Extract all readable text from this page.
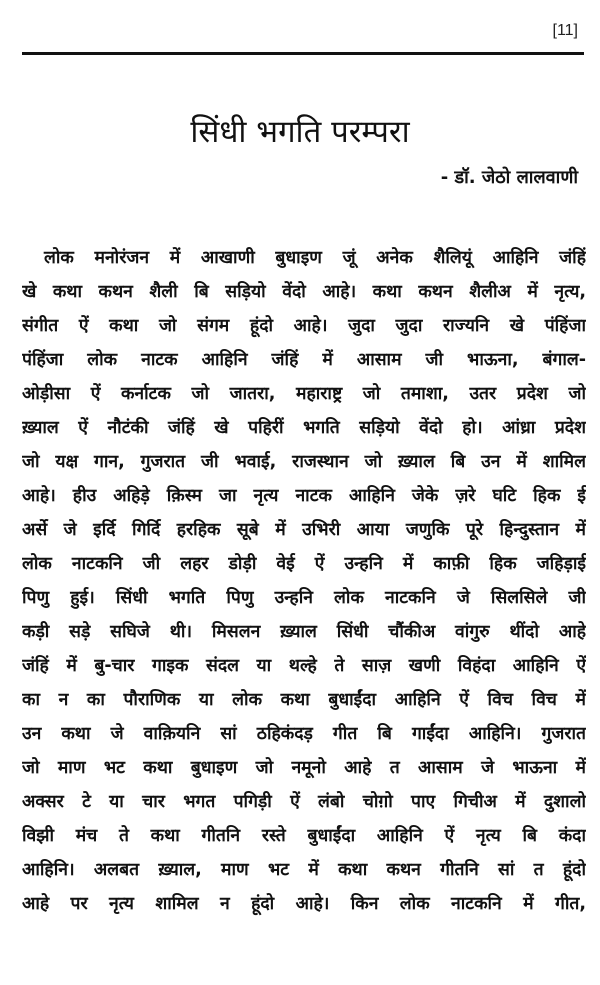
[11]
सिंधी भगति परम्परा
- डॉ. जेठो लालवाणी
लोक मनोरंजन में आखाणी बुधाइण जूं अनेक शैलियूं आहिनि जंहिं
खे कथा कथन शैली बि सड़ियो वेंदो आहे। कथा कथन शैलीअ में नृत्य,
संगीत ऐं कथा जो संगम हूंदो आहे। जुदा जुदा राज्यनि खे पंहिंजा
पंहिंजा लोक नाटक आहिनि जंहिं में आसाम जी भाऊना, बंगाल-
ओड़ीसा ऐं कर्नाटक जो जातरा, महाराष्ट्र जो तमाशा, उतर प्रदेश जो
ख़्याल ऐं नौटंकी जंहिं खे पहिरीं भगति सड़ियो वेंदो हो। आंध्रा प्रदेश
जो यक्ष गान, गुजरात जी भवाई, राजस्थान जो ख़्याल बि उन में शामिल
आहे। हीउ अहिड़े क़िस्म जा नृत्य नाटक आहिनि जेके ज़रे घटि हिक ई
अर्से जे इर्दि गिर्दि हरहिक सूबे में उभिरी आया जणुकि पूरे हिन्दुस्तान में
लोक नाटकनि जी लहर डोड़ी वेई ऐं उन्हनि में काफ़ी हिक जहिड़ाई
पिणु हुई। सिंधी भगति पिणु उन्हनि लोक नाटकनि जे सिलसिले जी
कड़ी सड़े सघिजे थी। मिसलन ख़्याल सिंधी चौंकीअ वांगुरु थींदो आहे
जंहिं में बु-चार गाइक संदल या थल्हे ते साज़ खणी विहंदा आहिनि ऐं
का न का पौराणिक या लोक कथा बुधाईंदा आहिनि ऐं विच विच में
उन कथा जे वाक़ियनि सां ठहिकंदड़ गीत बि गाईंदा आहिनि। गुजरात
जो माण भट कथा बुधाइण जो नमूनो आहे त आसाम जे भाऊना में
अक्सर टे या चार भगत पगिड़ी ऐं लंबो चोग़ो पाए गिचीअ में दुशालो
विझी मंच ते कथा गीतनि रस्ते बुधाईंदा आहिनि ऐं नृत्य बि कंदा
आहिनि। अलबत ख़्याल, माण भट में कथा कथन गीतनि सां त हूंदो
आहे पर नृत्य शामिल न हूंदो आहे। किन लोक नाटकनि में गीत,
